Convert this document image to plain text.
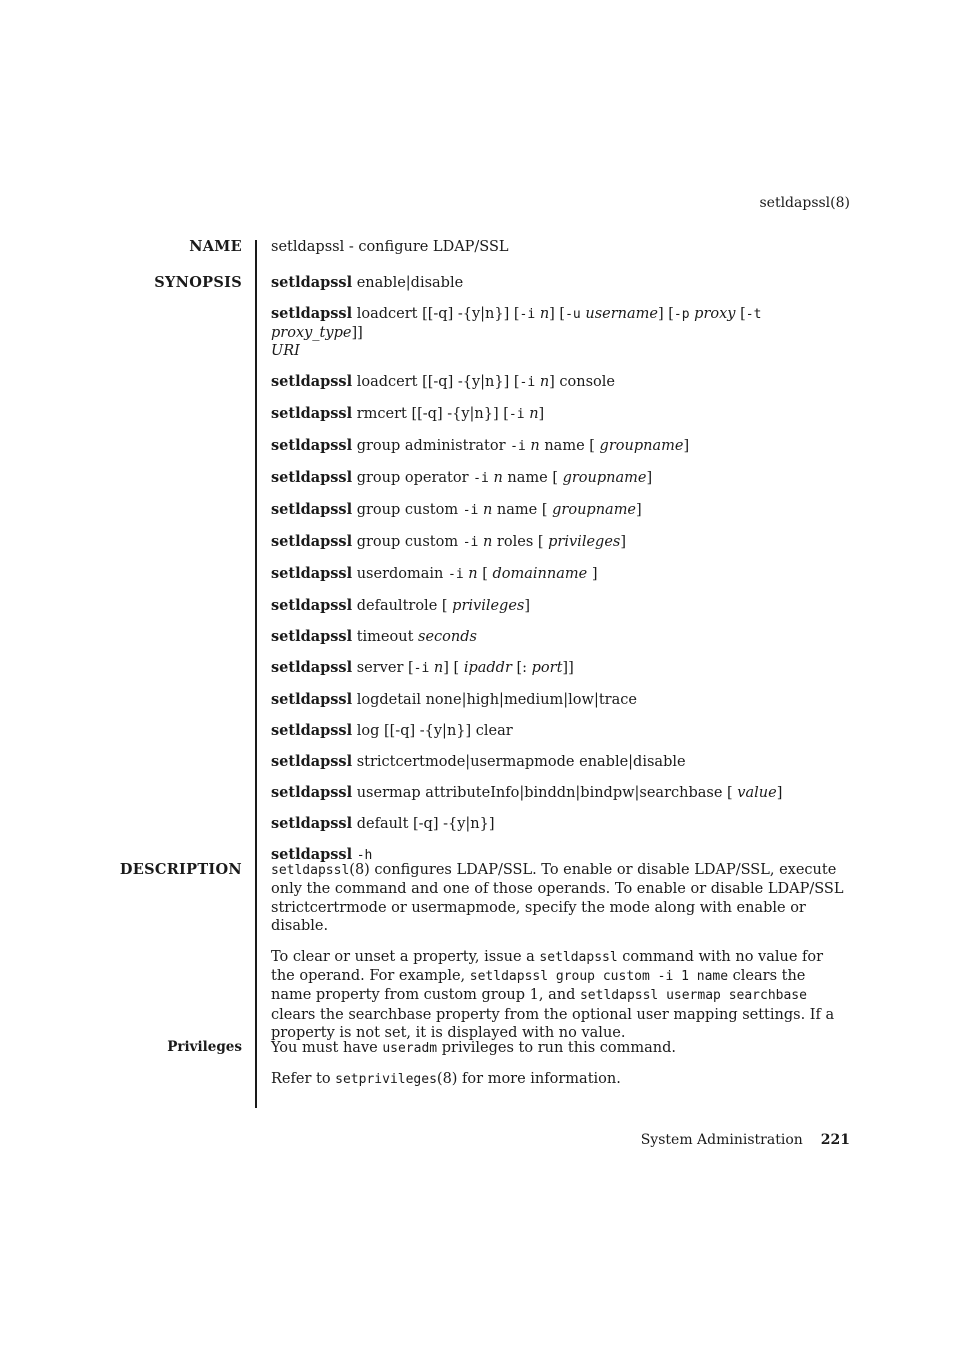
setldapssl(8)
NAME setldapssl - configure LDAP/SSL

SYNOPSIS setldapssl enable|disable

setldapssl loadcert [[-q] -{y|n}] [-i n] [-u username] [-p proxy [-t proxy_type]]
URI

setldapssl loadcert [[-q] -{y|n}] [-i n] console

setldapssl rmcert [[-q] -{y|n}] [-i n]

setldapssl group administrator -i n name [ groupname]

setldapssl group operator -i n name [ groupname]

setldapssl group custom -i n name [ groupname]

setldapssl group custom -i n roles [ privileges]

setldapssl userdomain -i n [ domainname ]

setldapssl defaultrole [ privileges]

setldapssl timeout seconds

setldapssl server [-i n] [ ipaddr [: port]]

setldapssl logdetail none|high|medium|low|trace

setldapssl log [[-q] -{y|n}] clear

setldapssl strictcertmode|usermapmode enable|disable

setldapssl usermap attributeInfo|binddn|bindpw|searchbase [ value]

setldapssl default [-q] -{y|n}]

setldapssl -h

DESCRIPTION setldapssl(8) configures LDAP/SSL. To enable or disable LDAP/SSL, execute only the command and one of those operands. To enable or disable LDAP/SSL strictcertrmode or usermapmode, specify the mode along with enable or disable.

To clear or unset a property, issue a setldapssl command with no value for the operand. For example, setldapssl group custom -i 1 name clears the name property from custom group 1, and setldapssl usermap searchbase clears the searchbase property from the optional user mapping settings. If a property is not set, it is displayed with no value.

Privileges You must have useradm privileges to run this command.

Refer to setprivileges(8) for more information.

System Administration 221
